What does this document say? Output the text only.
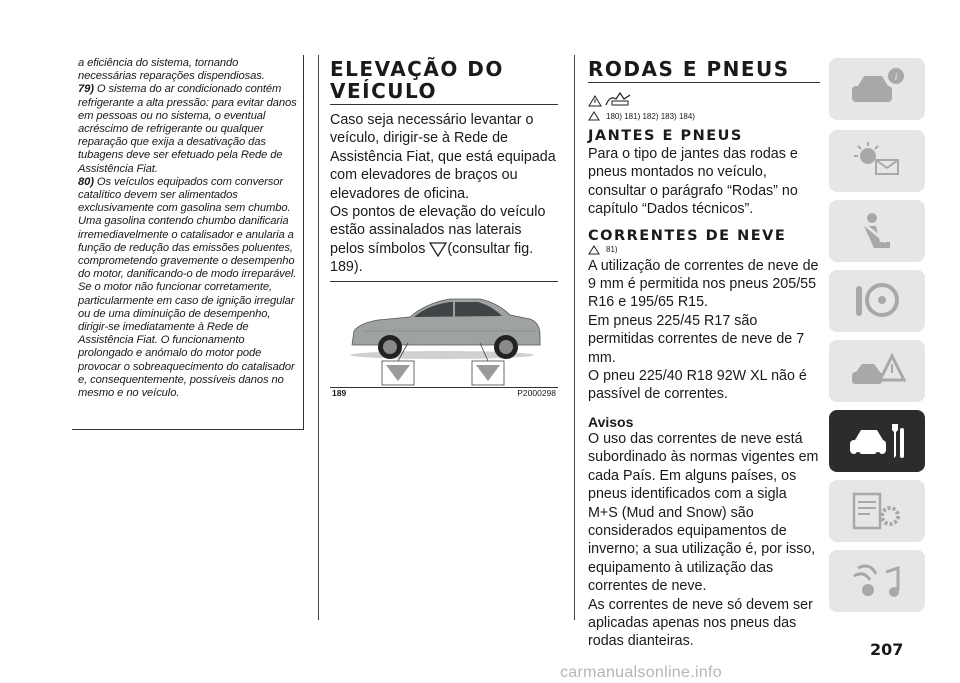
a eficiência do sistema, tornando necessárias reparações dispendiosas.

79) O sistema do ar condicionado contém refrigerante a alta pressão: para evitar danos em pessoas ou no sistema, o eventual acréscimo de refrigerante ou qualquer reparação que exija a desativação das tubagens deve ser efetuado pela Rede de Assistência Fiat.

80) Os veículos equipados com conversor catalítico devem ser alimentados exclusivamente com gasolina sem chumbo. Uma gasolina contendo chumbo danificaria irremediavelmente o catalisador e anularia a função de redução das emissões poluentes, comprometendo gravemente o desempenho do motor, danificando-o de modo irreparável. Se o motor não funcionar corretamente, particularmente em caso de ignição irregular ou de uma diminuição de desempenho, dirigir-se imediatamente à Rede de Assistência Fiat. O funcionamento prolongado e anómalo do motor pode provocar o sobreaquecimento do catalisador e, consequentemente, possíveis danos no mesmo e no veículo.

ELEVAÇÃO DO
VEÍCULO

Caso seja necessário levantar o veículo, dirigir-se à Rede de Assistência Fiat, que está equipada com elevadores de braços ou elevadores de oficina.

Os pontos de elevação do veículo estão assinalados nas laterais pelos símbolos (consultar fig. 189).

189	P2000298
RODAS E PNEUS
180) 181) 182) 183) 184)
JANTES E PNEUS

Para o tipo de jantes das rodas e pneus montados no veículo, consultar o parágrafo “Rodas” no capítulo “Dados técnicos”.

CORRENTES DE NEVE
81)

A utilização de correntes de neve de 9 mm é permitida nos pneus 205/55 R16 e 195/65 R15.

Em pneus 225/45 R17 são permitidas correntes de neve de 7 mm.

O pneu 225/40 R18 92W XL não é passível de correntes.

Avisos

O uso das correntes de neve está subordinado às normas vigentes em cada País. Em alguns países, os pneus identificados com a sigla M+S (Mud and Snow) são considerados equipamentos de inverno; a sua utilização é, por isso, equipamento à utilização das correntes de neve.

As correntes de neve só devem ser aplicadas apenas nos pneus das rodas dianteiras.

i
207
carmanualsonline.info
